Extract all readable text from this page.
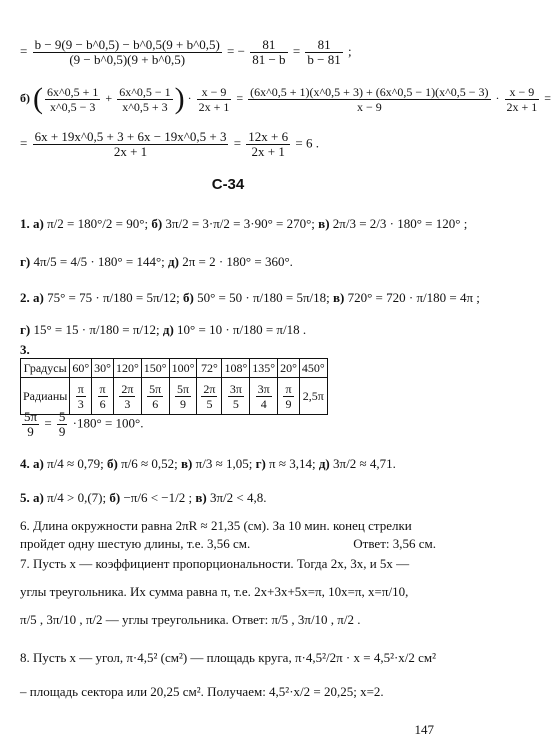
= $\frac{b - 9(9 - b\^{}0,5) - b\^{}0,5(9 + b\^{}0,5)}{(9 - b\^{}0,5)(9 + b\^{}0,5)}$ = − $\frac{81}{81 - b} = \frac{81}{b - 81}$ ;
б) ( $\frac{6x\^{}0,5 + 1}{x\^{}0,5 - 3} + \frac{6x\^{}0,5 - 1}{x\^{}0,5 + 3}$ ) · $\frac{x - 9}{2x + 1} = \frac{(6x\^{}0,5 + 1)(x\^{}0,5 + 3) + (6x\^{}0,5 - 1)(x\^{}0,5 - 3)}{x - 9} \cdot \frac{x - 9}{2x + 1}$ =
= $\frac{6x + 19x\^{}0,5 + 3 + 6x - 19x\^{}0,5 + 3}{2x + 1} = \frac{12x + 6}{2x + 1} = 6$ .
С-34
1. а) π/2 = 180°/2 = 90°; б) 3π/2 = 3·π/2 = 3·90° = 270°; в) 2π/3 = 2/3 · 180° = 120° ;
г) 4π/5 = 4/5 · 180° = 144°; д) 2π = 2 · 180° = 360°.
2. а) 75° = 75 · π/180 = 5π/12; б) 50° = 50 · π/180 = 5π/18; в) 720° = 720 · π/180 = 4π ;
г) 15° = 15 · π/180 = π/12; д) 10° = 10 · π/180 = π/18 .
3.
Градусы	60°	30°	120°	150°	100°	72°	108°	135°	20°	450°
Радианы	$\frac{\pi}{3}$	$\frac{\pi}{6}$	$\frac{2\pi}{3}$	$\frac{5\pi}{6}$	$\frac{5\pi}{9}$	$\frac{2\pi}{5}$	$\frac{3\pi}{5}$	$\frac{3\pi}{4}$	$\frac{\pi}{9}$	2,5π
$\frac{5\pi}{9} = \frac{5}{9} \cdot 180^\circ = 100^\circ$.
4. а) π/4 ≈ 0,79; б) π/6 ≈ 0,52; в) π/3 ≈ 1,05; г) π ≈ 3,14; д) 3π/2 ≈ 4,71.
5. а) π/4 > 0,(7); б) −π/6 < −1/2 ; в) 3π/2 < 4,8.
6. Длина окружности равна 2πR ≈ 21,35 (см). За 10 мин. конец стрелки
пройдет одну шестую длины, т.е. 3,56 см.	Ответ: 3,56 см.
7. Пусть x — коэффициент пропорциональности. Тогда 2x, 3x, и 5x —
углы треугольника. Их сумма равна π, т.е. 2x+3x+5x=π, 10x=π, x=π/10,
π/5 , 3π/10 , π/2 — углы треугольника. Ответ: π/5 , 3π/10 , π/2 .
8. Пусть x — угол, π·4,5² (см²) — площадь круга, π·4,5²/2π · x = 4,5²·x/2 см²
– площадь сектора или 20,25 см². Получаем: 4,5²·x/2 = 20,25; x=2.
147
